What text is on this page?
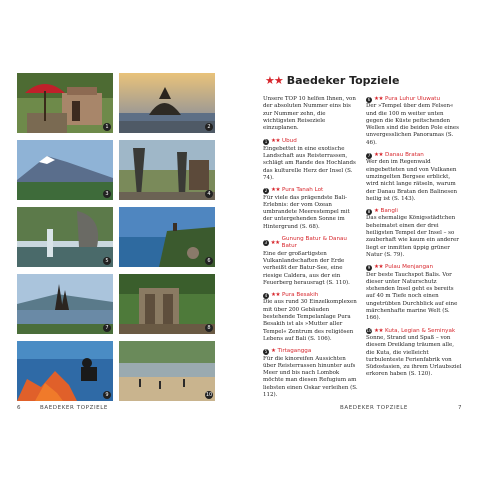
1	2
3	4
5	6
7	8
9	10
6	BAEDEKER TOPZIELE
★★ Baedeker Topziele

Unsere TOP 10 helfen Ihnen, von der absoluten Nummer eins bis zur Nummer zehn, die wichtigsten Reiseziele einzuplanen.

1 ★★ Ubud

Eingebettet in eine exotische Landschaft aus Reisterrassen, schlägt am Rande des Hochlands das kulturelle Herz der Insel (S. 74).

2 ★★ Pura Tanah Lot

Für viele das prägendste Bali-Erlebnis: der vom Ozean umbrandete Meerestempel mit der untergehenden Sonne im Hintergrund (S. 68).

3 ★★
Gunung Batur & Danau Batur

Eine der großartigsten Vulkanlandschaften der Erde verheißt der Batur-See, eine riesige Caldera, aus der ein Feuerberg herausragt (S. 110).

4 ★★ Pura Besakih

Die aus rund 30 Einzelkomplexen mit über 200 Gebäuden bestehende Tempelanlage Pura Besakih ist als »Mutter aller Tempel« Zentrum des religiösen Lebens auf Bali (S. 106).

5 ★ Tirtagangga

Für die kinoreifen Aussichten über Reisterrassen hinunter aufs Meer und bis nach Lombok möchte man diesen Refugium am liebsten einen Oskar verleihen (S. 112).

6 ★★ Pura Luhur Uluwatu

Der »Tempel über dem Felsen« und die 100 m weiter unten gegen die Küste peitschenden Wellen sind die beiden Pole eines unvergesslichen Panoramas (S. 46).

7 ★★ Danau Bratan

Wer den im Regenwald eingebetteten und von Vulkanen umzingelten Bergsee erblickt, wird nicht lange rätseln, warum der Danau Bratan den Balinesen heilig ist (S. 143).

8 ★ Bangli

Das ehemalige Königsstädtchen beheimatet einen der drei heiligsten Tempel der Insel – so zauberhaft wie kaum ein anderer liegt er inmitten üppig grüner Natur (S. 79).

9 ★★ Pulau Menjangan

Der beste Tauchspot Balis. Vor dieser unter Naturschutz stehenden Insel geht es bereits auf 40 m Tiefe noch einen ungetrübten Durchblick auf eine märchenhafte marine Welt (S. 166).

10 ★★ Kuta, Legian & Seminyak

Sonne, Strand und Spaß – von diesem Dreiklang träumen alle, die Kuta, die vielleicht turbulenteste Ferienfabrik von Südostasien, zu ihrem Urlaubsziel erkoren haben (S. 120).

BAEDEKER TOPZIELE	7
